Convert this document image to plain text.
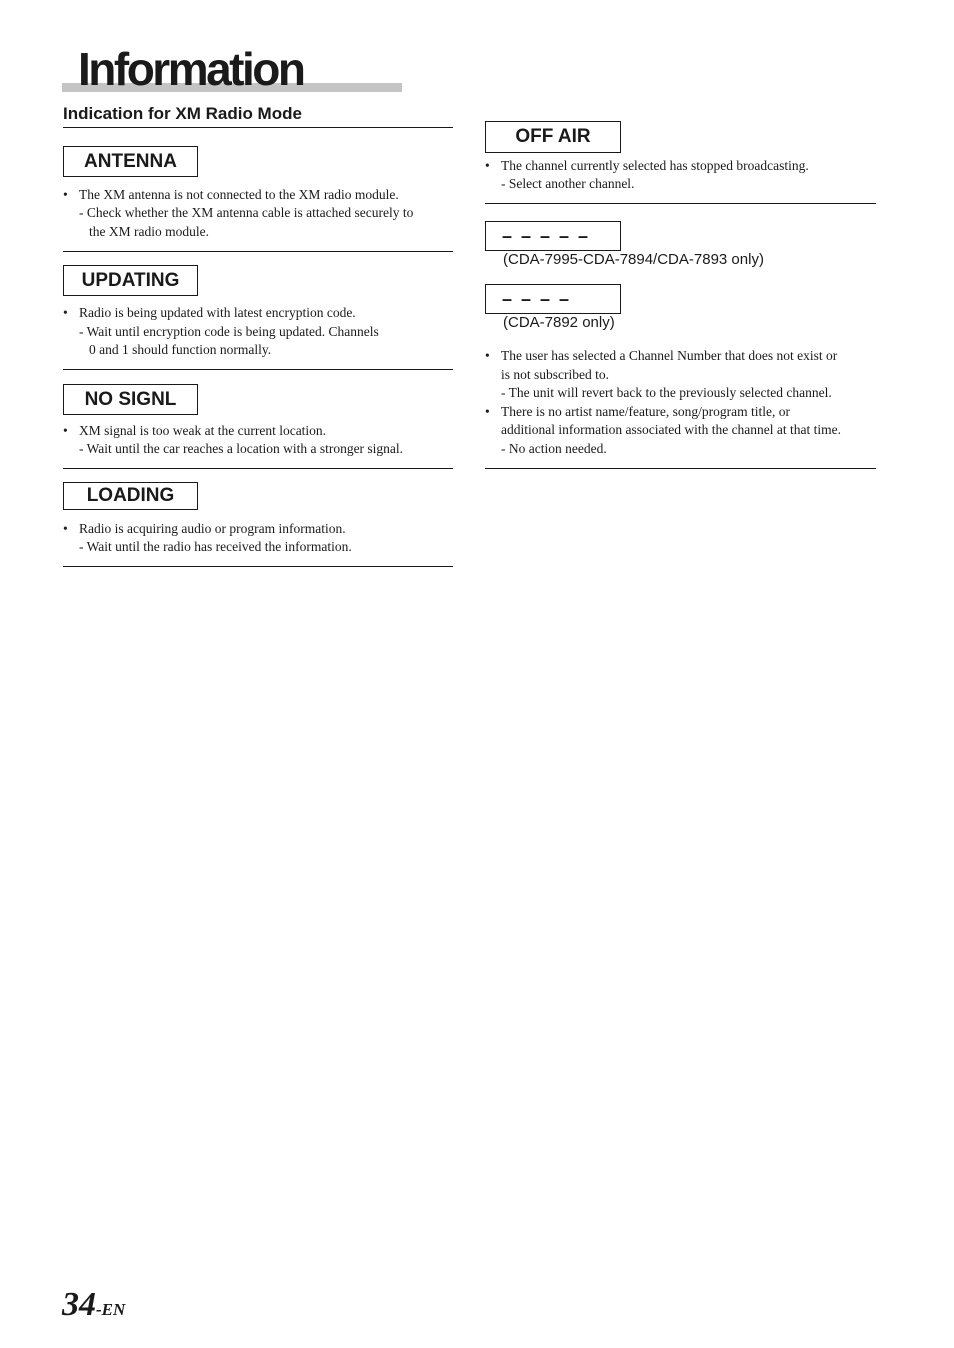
Information
Indication for XM Radio Mode
ANTENNA
• The XM antenna is not connected to the XM radio module.
- Check whether the XM antenna cable is attached securely to
the XM radio module.
UPDATING
• Radio is being updated with latest encryption code.
- Wait until encryption code is being updated. Channels
0 and 1 should function normally.
NO SIGNL
• XM signal is too weak at the current location.
- Wait until the car reaches a location with a stronger signal.
LOADING
• Radio is acquiring audio or program information.
- Wait until the radio has received the information.
OFF AIR
• The channel currently selected has stopped broadcasting.
- Select another channel.
– – – – –
(CDA-7995-CDA-7894/CDA-7893 only)
– – – –
(CDA-7892 only)
• The user has selected a Channel Number that does not exist or
is not subscribed to.
- The unit will revert back to the previously selected channel.
• There is no artist name/feature, song/program title, or
additional information associated with the channel at that time.
- No action needed.
34-EN
